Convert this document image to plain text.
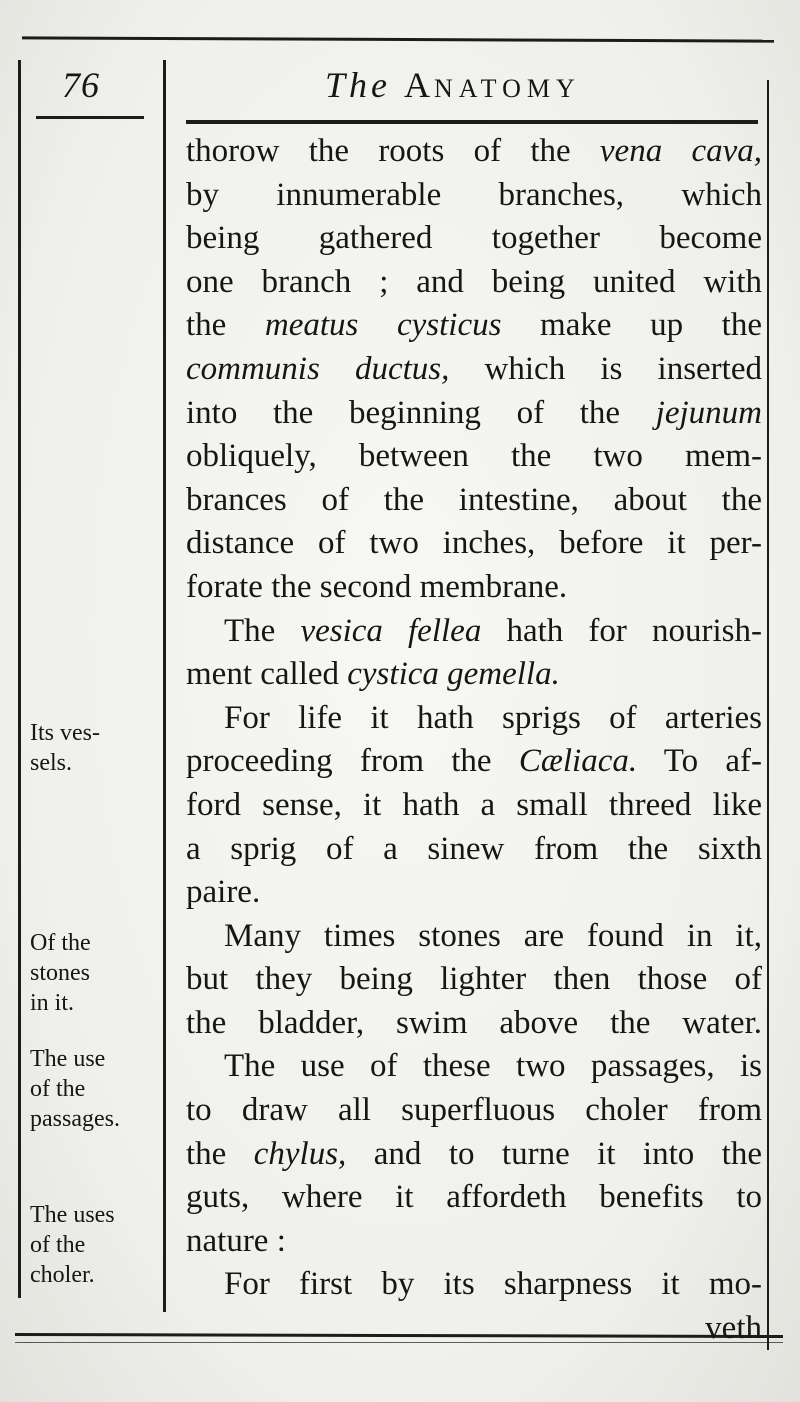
76	The ANATOMY
thorow the roots of the vena cava,
by innumerable branches, which
being gathered together become
one branch ; and being united with
the meatus cysticus make up the
communis ductus, which is inserted
into the beginning of the jejunum
obliquely, between the two mem-
brances of the intestine, about the
distance of two inches, before it per-
forate the second membrane.
The vesica fellea hath for nourish-
ment called cystica gemella.
For life it hath sprigs of arteries
proceeding from the Cæliaca. To af-
ford sense, it hath a small threed like
a sprig of a sinew from the sixth
paire.
Many times stones are found in it,
but they being lighter then those of
the bladder, swim above the water.
The use of these two passages, is
to draw all superfluous choler from
the chylus, and to turne it into the
guts, where it affordeth benefits to
nature :
For first by its sharpness it mo-
veth
Its ves-
sels.
Of the
stones
in it.
The use
of the
passages.
The uses
of the
choler.
